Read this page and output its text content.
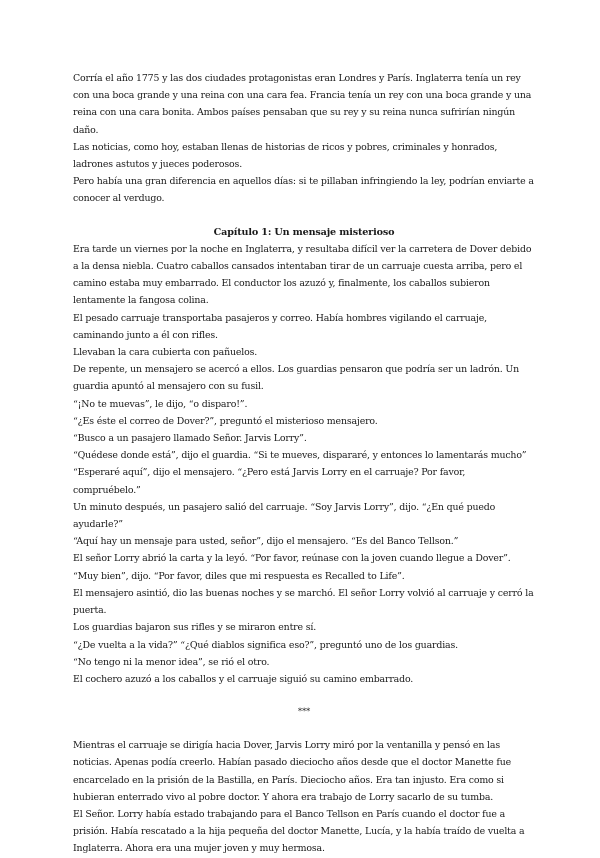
Corría el año 1775 y las dos ciudades protagonistas eran Londres y París. Inglaterra tenía un rey con una boca grande y una reina con una cara fea. Francia tenía un rey con una boca grande y una reina con una cara bonita. Ambos países pensaban que su rey y su reina nunca sufrirían ningún daño.

Las noticias, como hoy, estaban llenas de historias de ricos y pobres, criminales y honrados, ladrones astutos y jueces poderosos.

Pero había una gran diferencia en aquellos días: si te pillaban infringiendo la ley, podrían enviarte a conocer al verdugo.

Capítulo 1: Un mensaje misterioso

Era tarde un viernes por la noche en Inglaterra, y resultaba difícil ver la carretera de Dover debido a la densa niebla. Cuatro caballos cansados intentaban tirar de un carruaje cuesta arriba, pero el camino estaba muy embarrado. El conductor los azuzó y, finalmente, los caballos subieron lentamente la fangosa colina.

El pesado carruaje transportaba pasajeros y correo. Había hombres vigilando el carruaje, caminando junto a él con rifles.

Llevaban la cara cubierta con pañuelos.

De repente, un mensajero se acercó a ellos. Los guardias pensaron que podría ser un ladrón. Un guardia apuntó al mensajero con su fusil.

“¡No te muevas”, le dijo, “o disparo!”.

“¿Es éste el correo de Dover?”, preguntó el misterioso mensajero.

“Busco a un pasajero llamado Señor. Jarvis Lorry”.

“Quédese donde está”, dijo el guardia. “Si te mueves, dispararé, y entonces lo lamentarás mucho”

“Esperaré aquí”, dijo el mensajero. “¿Pero está Jarvis Lorry en el carruaje? Por favor, compruébelo.”

Un minuto después, un pasajero salió del carruaje. “Soy Jarvis Lorry”, dijo. “¿En qué puedo ayudarle?”

“Aquí hay un mensaje para usted, señor”, dijo el mensajero. “Es del Banco Tellson.”

El señor Lorry abrió la carta y la leyó. “Por favor, reúnase con la joven cuando llegue a Dover”.

“Muy bien”, dijo. “Por favor, diles que mi respuesta es Recalled to Life”.

El mensajero asintió, dio las buenas noches y se marchó. El señor Lorry volvió al carruaje y cerró la puerta.

Los guardias bajaron sus rifles y se miraron entre sí.

“¿De vuelta a la vida?” “¿Qué diablos significa eso?”, preguntó uno de los guardias.

“No tengo ni la menor idea”, se rió el otro.

El cochero azuzó a los caballos y el carruaje siguió su camino embarrado.

***

Mientras el carruaje se dirigía hacia Dover, Jarvis Lorry miró por la ventanilla y pensó en las noticias. Apenas podía creerlo. Habían pasado dieciocho años desde que el doctor Manette fue encarcelado en la prisión de la Bastilla, en París. Dieciocho años. Era tan injusto. Era como si hubieran enterrado vivo al pobre doctor. Y ahora era trabajo de Lorry sacarlo de su tumba.

El Señor. Lorry había estado trabajando para el Banco Tellson en París cuando el doctor fue a prisión. Había rescatado a la hija pequeña del doctor Manette, Lucía, y la había traído de vuelta a Inglaterra. Ahora era una mujer joven y muy hermosa.
